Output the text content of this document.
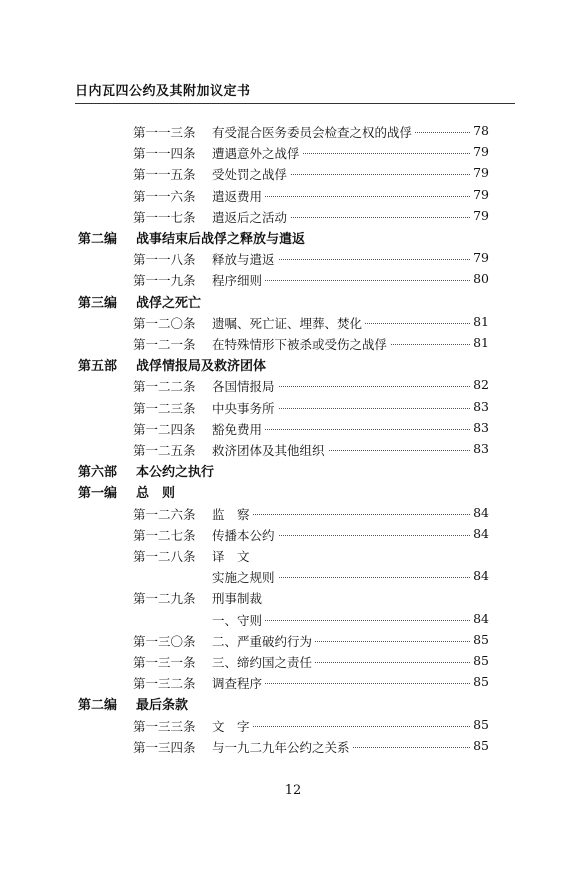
日内瓦四公约及其附加议定书
第一一三条 有受混合医务委员会检查之权的战俘	78
第一一四条 遭遇意外之战俘	79
第一一五条 受处罚之战俘	79
第一一六条 遣返费用	79
第一一七条 遣返后之活动	79
第二编 战事结束后战俘之释放与遣返
第一一八条 释放与遣返	79
第一一九条 程序细则	80
第三编 战俘之死亡
第一二〇条 遗嘱、死亡证、埋葬、焚化	81
第一二一条 在特殊情形下被杀或受伤之战俘	81
第五部 战俘情报局及救济团体
第一二二条 各国情报局	82
第一二三条 中央事务所	83
第一二四条 豁免费用	83
第一二五条 救济团体及其他组织	83
第六部 本公约之执行
第一编 总　则
第一二六条 监　察	84
第一二七条 传播本公约	84
第一二八条 译　文
实施之规则	84
第一二九条 刑事制裁
一、守则	84
第一三〇条 二、严重破约行为	85
第一三一条 三、缔约国之责任	85
第一三二条 调查程序	85
第二编 最后条款
第一三三条 文　字	85
第一三四条 与一九二九年公约之关系	85
12
